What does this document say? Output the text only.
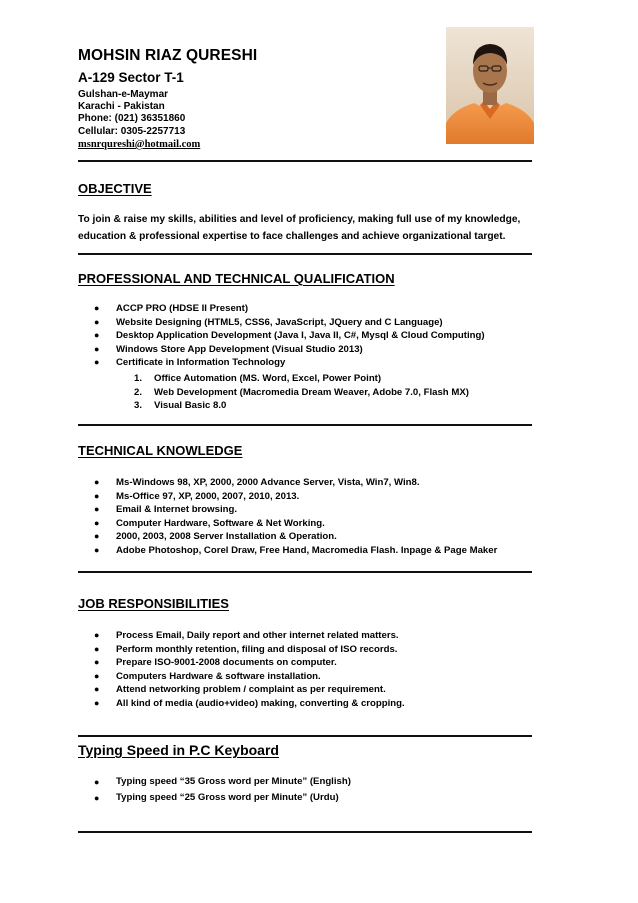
MOHSIN RIAZ QURESHI
A-129 Sector T-1
Gulshan-e-Maymar
Karachi - Pakistan
Phone: (021) 36351860
Cellular: 0305-2257713
msnrqureshi@hotmail.com
OBJECTIVE
To join & raise my skills, abilities and level of proficiency, making full use of my knowledge,
education & professional expertise to face challenges and achieve organizational target.
PROFESSIONAL AND TECHNICAL QUALIFICATION
● ACCP PRO (HDSE II Present)
● Website Designing (HTML5, CSS6, JavaScript, JQuery and C Language)
● Desktop Application Development (Java I, Java II, C#, Mysql & Cloud Computing)
● Windows Store App Development (Visual Studio 2013)
● Certificate in Information Technology
1. Office Automation (MS. Word, Excel, Power Point)
2. Web Development (Macromedia Dream Weaver, Adobe 7.0, Flash MX)
3. Visual Basic 8.0
TECHNICAL KNOWLEDGE
● Ms-Windows 98, XP, 2000, 2000 Advance Server, Vista, Win7, Win8.
● Ms-Office 97, XP, 2000, 2007, 2010, 2013.
● Email & Internet browsing.
● Computer Hardware, Software & Net Working.
● 2000, 2003, 2008 Server Installation & Operation.
● Adobe Photoshop, Corel Draw, Free Hand, Macromedia Flash. Inpage & Page Maker
JOB RESPONSIBILITIES
● Process Email, Daily report and other internet related matters.
● Perform monthly retention, filing and disposal of ISO records.
● Prepare ISO-9001-2008 documents on computer.
● Computers Hardware & software installation.
● Attend networking problem / complaint as per requirement.
● All kind of media (audio+video) making, converting & cropping.
Typing Speed in P.C Keyboard
● Typing speed “35 Gross word per Minute” (English)
● Typing speed “25 Gross word per Minute” (Urdu)
